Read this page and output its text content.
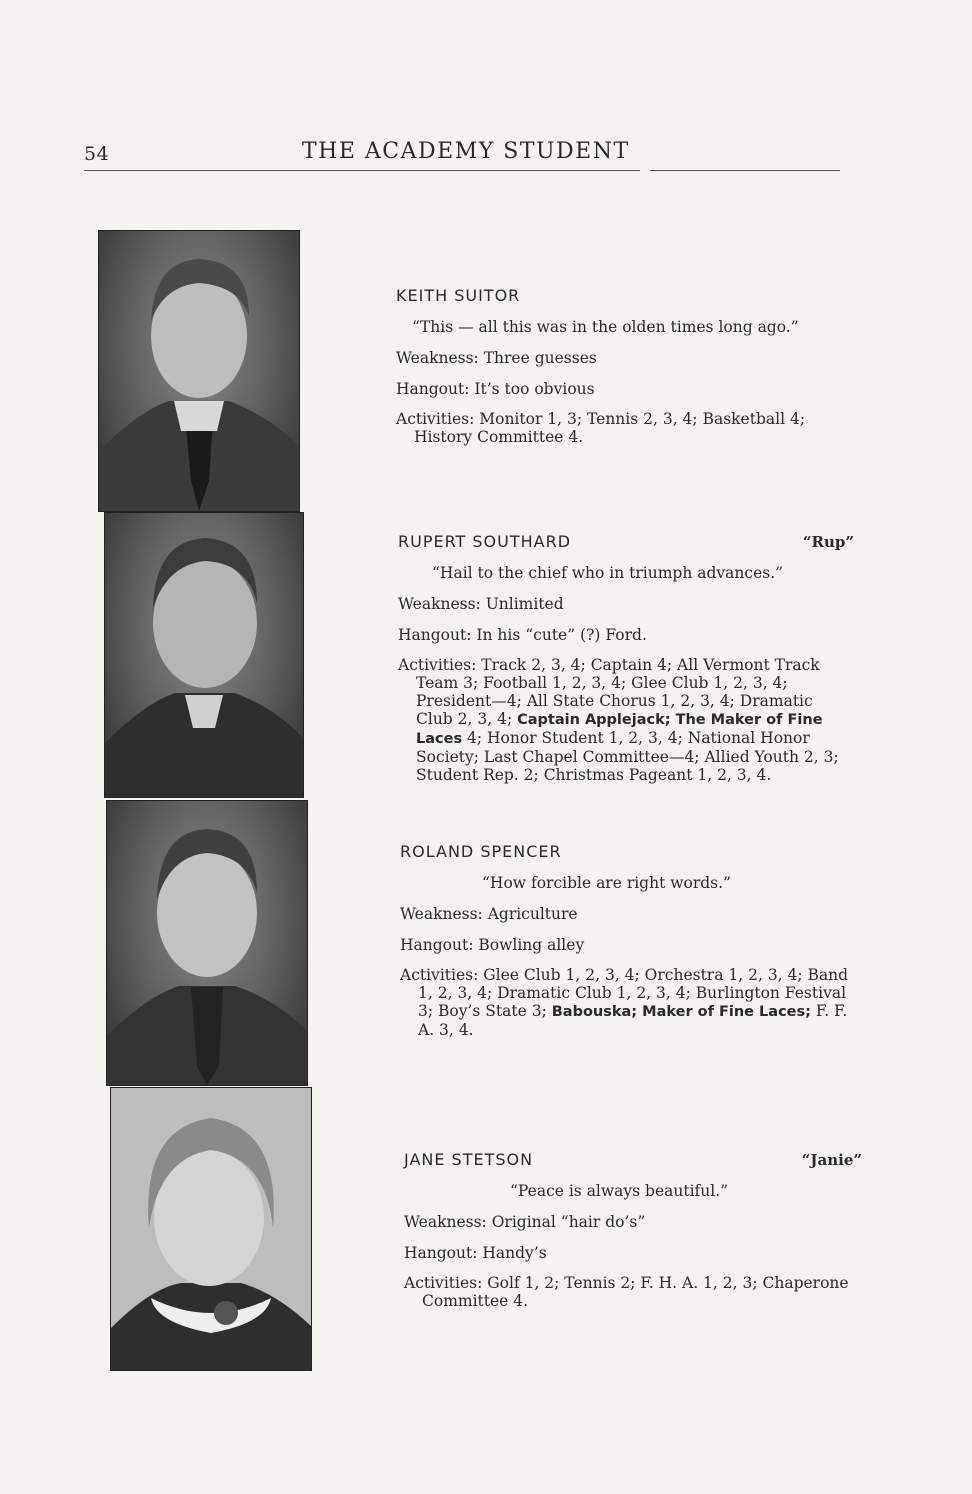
54	THE ACADEMY STUDENT
KEITH SUITOR
“This — all this was in the olden times long ago.”
Weakness: Three guesses
Hangout: It’s too obvious
Activities: Monitor 1, 3; Tennis 2, 3, 4; Basketball 4; History Committee 4.
RUPERT SOUTHARD	“Rup”
“Hail to the chief who in triumph advances.”
Weakness: Unlimited
Hangout: In his “cute” (?) Ford.
Activities: Track 2, 3, 4; Captain 4; All Vermont Track Team 3; Football 1, 2, 3, 4; Glee Club 1, 2, 3, 4; President—4; All State Chorus 1, 2, 3, 4; Dramatic Club 2, 3, 4; Captain Applejack; The Maker of Fine Laces 4; Honor Student 1, 2, 3, 4; National Honor Society; Last Chapel Committee—4; Allied Youth 2, 3; Student Rep. 2; Christmas Pageant 1, 2, 3, 4.
ROLAND SPENCER
“How forcible are right words.”
Weakness: Agriculture
Hangout: Bowling alley
Activities: Glee Club 1, 2, 3, 4; Orchestra 1, 2, 3, 4; Band 1, 2, 3, 4; Dramatic Club 1, 2, 3, 4; Burlington Festival 3; Boy’s State 3; Babouska; Maker of Fine Laces; F. F. A. 3, 4.
JANE STETSON	“Janie”
“Peace is always beautiful.”
Weakness: Original “hair do’s”
Hangout: Handy’s
Activities: Golf 1, 2; Tennis 2; F. H. A. 1, 2, 3; Chaperone Committee 4.
